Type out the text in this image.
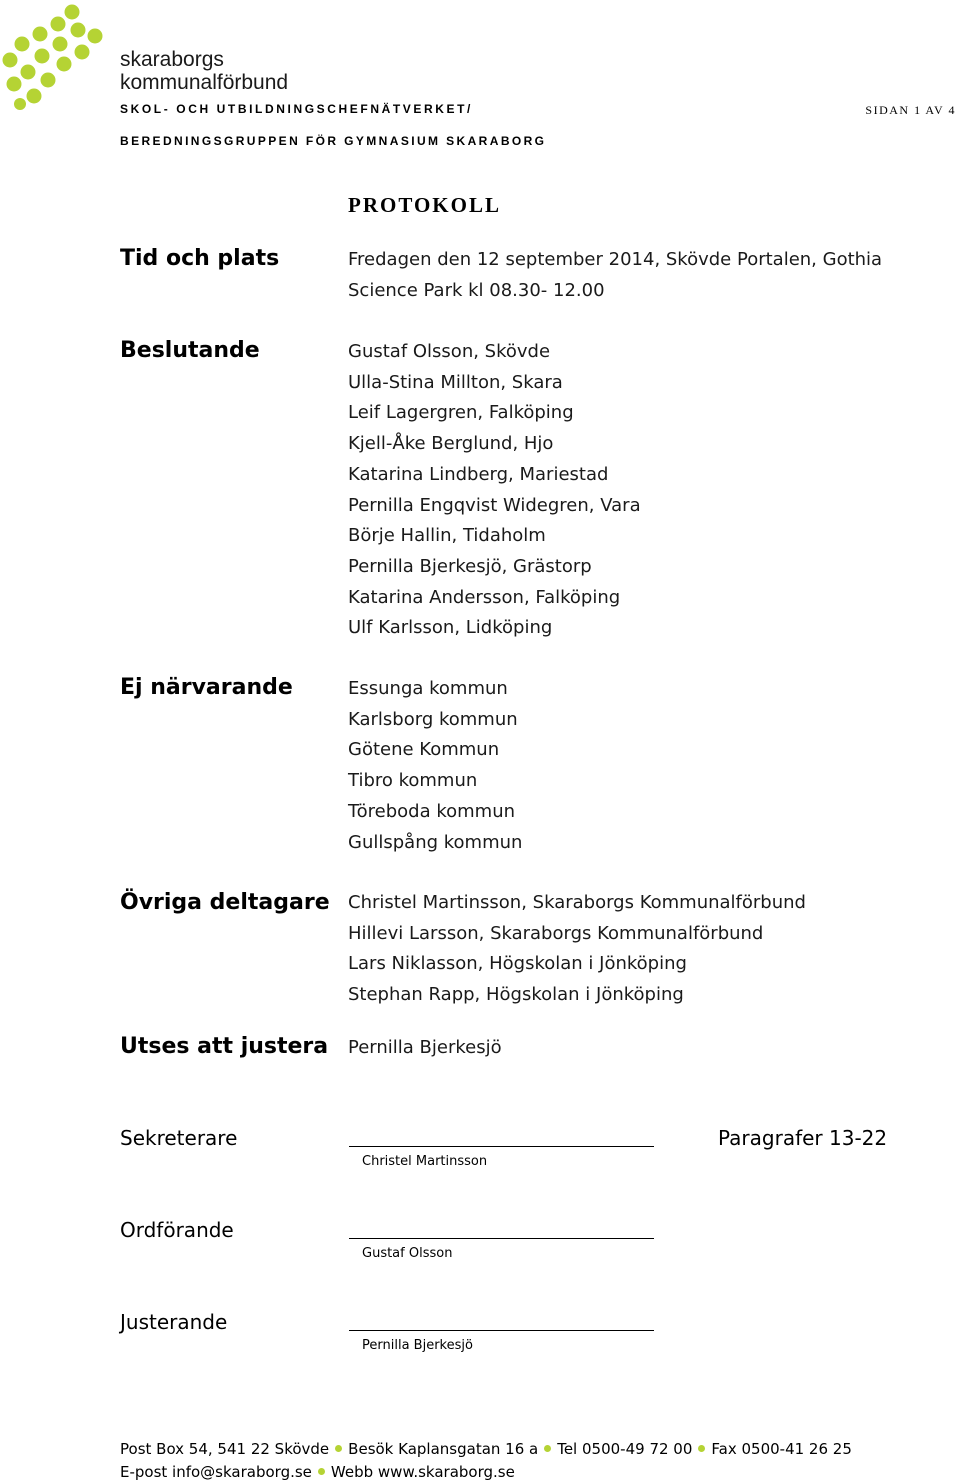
skaraborgs
kommunalförbund
SKOL- OCH UTBILDNINGSCHEFNÄTVERKET/
BEREDNINGSGRUPPEN FÖR GYMNASIUM SKARABORG
SIDAN 1 AV 4
PROTOKOLL
Tid och plats	Fredagen den 12 september 2014, Skövde Portalen, Gothia
Science Park kl 08.30- 12.00
Beslutande	Gustaf Olsson, Skövde
Ulla-Stina Millton, Skara
Leif Lagergren, Falköping
Kjell-Åke Berglund, Hjo
Katarina Lindberg, Mariestad
Pernilla Engqvist Widegren, Vara
Börje Hallin, Tidaholm
Pernilla Bjerkesjö, Grästorp
Katarina Andersson, Falköping
Ulf Karlsson, Lidköping
Ej närvarande	Essunga kommun
Karlsborg kommun
Götene Kommun
Tibro kommun
Töreboda kommun
Gullspång kommun
Övriga deltagare Christel Martinsson, Skaraborgs Kommunalförbund
Hillevi Larsson, Skaraborgs Kommunalförbund
Lars Niklasson, Högskolan i Jönköping
Stephan Rapp, Högskolan i Jönköping
Utses att justera Pernilla Bjerkesjö
Sekreterare
Christel Martinsson
Paragrafer 13-22
Ordförande
Gustaf Olsson
Justerande
Pernilla Bjerkesjö
Post Box 54, 541 22 Skövde Besök Kaplansgatan 16 a Tel 0500-49 72 00 Fax 0500-41 26 25
E-post info@skaraborg.se Webb www.skaraborg.se
